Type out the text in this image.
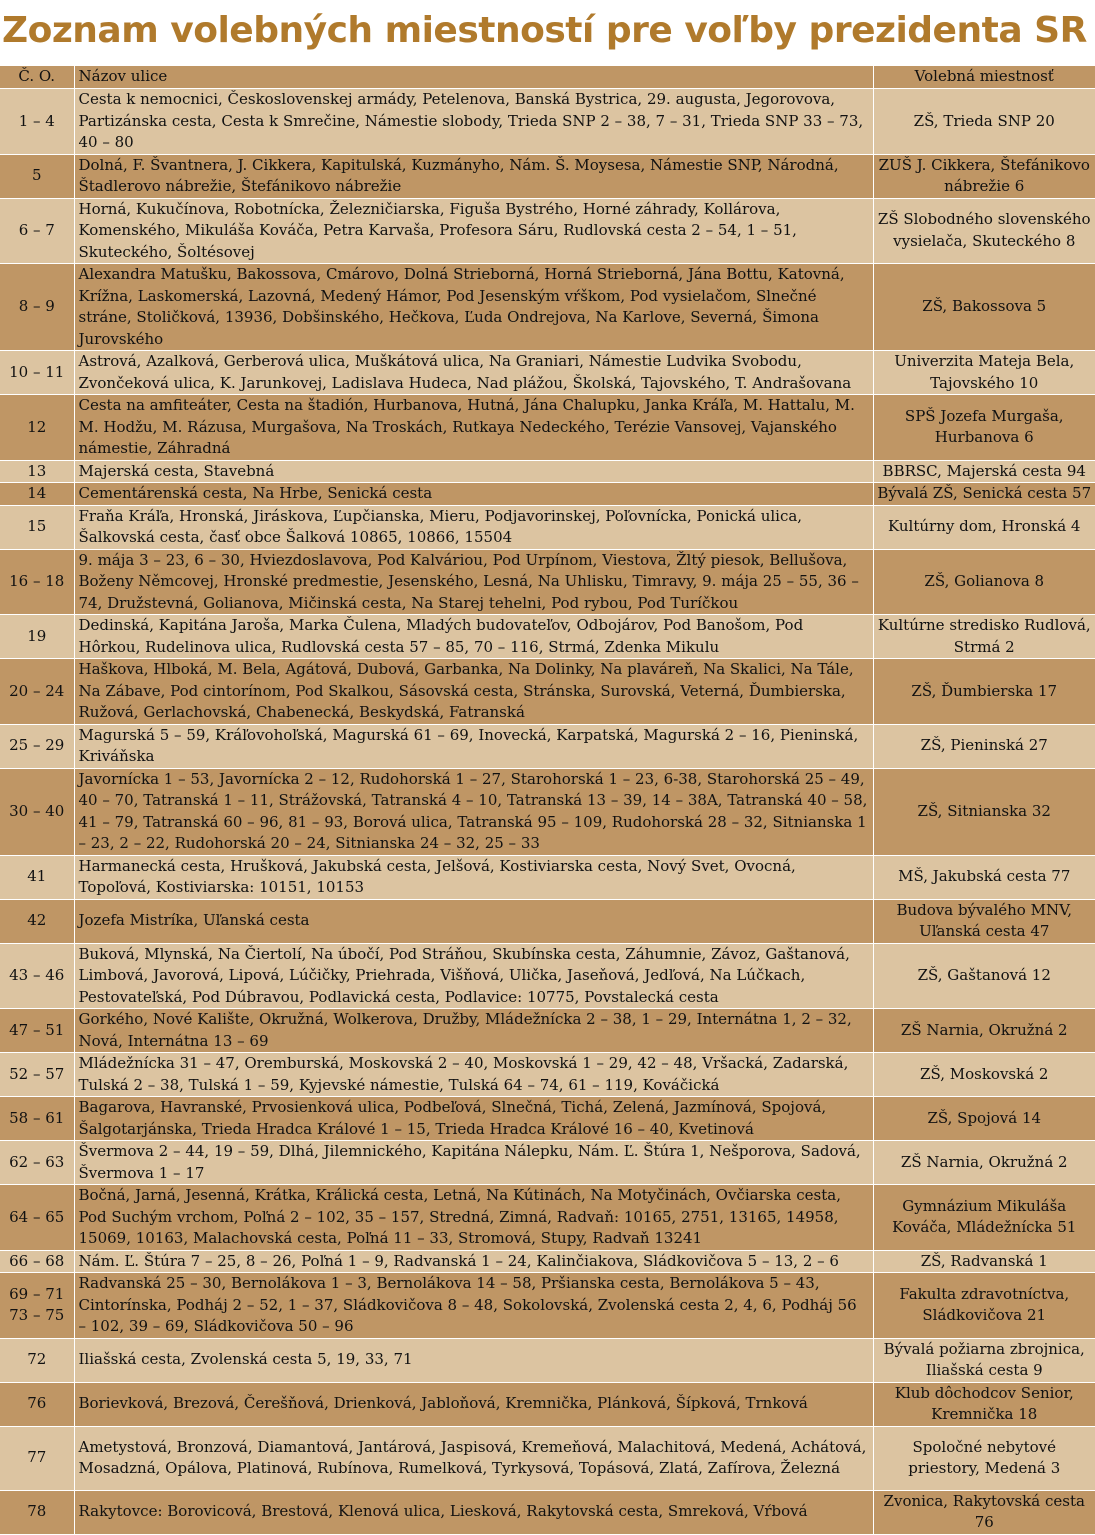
Zoznam volebných miestností pre voľby prezidenta SR
Č. O.	Názov ulice	Volebná miestnosť
1 – 4	Cesta k nemocnici, Československej armády, Petelenova, Banská Bystrica, 29. augusta, Jegorovova, Partizánska cesta, Cesta k Smrečine, Námestie slobody, Trieda SNP 2 – 38, 7 – 31, Trieda SNP 33 – 73, 40 – 80	ZŠ, Trieda SNP 20
5	Dolná, F. Švantnera, J. Cikkera, Kapitulská, Kuzmányho, Nám. Š. Moysesa, Námestie SNP, Národná, Štadlerovo nábrežie, Štefánikovo nábrežie	ZUŠ J. Cikkera, Štefánikovo nábrežie 6
6 – 7	Horná, Kukučínova, Robotnícka, Železničiarska, Figuša Bystrého, Horné záhrady, Kollárova, Komenského, Mikuláša Kováča, Petra Karvaša, Profesora Sáru, Rudlovská cesta 2 – 54, 1 – 51, Skuteckého, Šoltésovej	ZŠ Slobodného slovenského vysielača, Skuteckého 8
8 – 9	Alexandra Matušku, Bakossova, Cmárovo, Dolná Strieborná, Horná Strieborná, Jána Bottu, Katovná, Krížna, Laskomerská, Lazovná, Medený Hámor, Pod Jesenským vŕškom, Pod vysielačom, Slnečné stráne, Stoličková, 13936, Dobšinského, Hečkova, Ľuda Ondrejova, Na Karlove, Severná, Šimona Jurovského	ZŠ, Bakossova 5
10 – 11	Astrová, Azalková, Gerberová ulica, Muškátová ulica, Na Graniari, Námestie Ludvika Svobodu, Zvončeková ulica, K. Jarunkovej, Ladislava Hudeca, Nad plážou, Školská, Tajovského, T. Andrašovana	Univerzita Mateja Bela, Tajovského 10
12	Cesta na amfiteáter, Cesta na štadión, Hurbanova, Hutná, Jána Chalupku, Janka Kráľa, M. Hattalu, M. M. Hodžu, M. Rázusa, Murgašova, Na Troskách, Rutkaya Nedeckého, Terézie Vansovej, Vajanského námestie, Záhradná	SPŠ Jozefa Murgaša, Hurbanova 6
13	Majerská cesta, Stavebná	BBRSC, Majerská cesta 94
14	Cementárenská cesta, Na Hrbe, Senická cesta	Bývalá ZŠ, Senická cesta 57
15	Fraňa Kráľa, Hronská, Jiráskova, Ľupčianska, Mieru, Podjavorinskej, Poľovnícka, Ponická ulica, Šalkovská cesta, časť obce Šalková 10865, 10866, 15504	Kultúrny dom, Hronská 4
16 – 18	9. mája 3 – 23, 6 – 30, Hviezdoslavova, Pod Kalváriou, Pod Urpínom, Viestova, Žltý piesok, Bellušova, Boženy Němcovej, Hronské predmestie, Jesenského, Lesná, Na Uhlisku, Timravy, 9. mája 25 – 55, 36 – 74, Družstevná, Golianova, Mičinská cesta, Na Starej tehelni, Pod rybou, Pod Turíčkou	ZŠ, Golianova 8
19	Dedinská, Kapitána Jaroša, Marka Čulena, Mladých budovateľov, Odbojárov, Pod Banošom, Pod Hôrkou, Rudelinova ulica, Rudlovská cesta 57 – 85, 70 – 116, Strmá, Zdenka Mikulu	Kultúrne stredisko Rudlová, Strmá 2
20 – 24	Haškova, Hlboká, M. Bela, Agátová, Dubová, Garbanka, Na Dolinky, Na plaváreň, Na Skalici, Na Tále, Na Zábave, Pod cintorínom, Pod Skalkou, Sásovská cesta, Stránska, Surovská, Veterná, Ďumbierska, Ružová, Gerlachovská, Chabenecká, Beskydská, Fatranská	ZŠ, Ďumbierska 17
25 – 29	Magurská 5 – 59, Kráľovohoľská, Magurská 61 – 69, Inovecká, Karpatská, Magurská 2 – 16, Pieninská, Kriváňska	ZŠ, Pieninská 27
30 – 40	Javornícka 1 – 53, Javornícka 2 – 12, Rudohorská 1 – 27, Starohorská 1 – 23, 6-38, Starohorská 25 – 49, 40 – 70, Tatranská 1 – 11, Strážovská, Tatranská 4 – 10, Tatranská 13 – 39, 14 – 38A, Tatranská 40 – 58, 41 – 79, Tatranská 60 – 96, 81 – 93, Borová ulica, Tatranská 95 – 109, Rudohorská 28 – 32, Sitnianska 1 – 23, 2 – 22, Rudohorská 20 – 24, Sitnianska 24 – 32, 25 – 33	ZŠ, Sitnianska 32
41	Harmanecká cesta, Hrušková, Jakubská cesta, Jelšová, Kostiviarska cesta, Nový Svet, Ovocná, Topoľová, Kostiviarska: 10151, 10153	MŠ, Jakubská cesta 77
42	Jozefa Mistríka, Uľanská cesta	Budova bývalého MNV, Uľanská cesta 47
43 – 46	Buková, Mlynská, Na Čiertolí, Na úbočí, Pod Stráňou, Skubínska cesta, Záhumnie, Závoz, Gaštanová, Limbová, Javorová, Lipová, Lúčičky, Priehrada, Višňová, Ulička, Jaseňová, Jedľová, Na Lúčkach, Pestovateľská, Pod Dúbravou, Podlavická cesta, Podlavice: 10775, Povstalecká cesta	ZŠ, Gaštanová 12
47 – 51	Gorkého, Nové Kalište, Okružná, Wolkerova, Družby, Mládežnícka 2 – 38, 1 – 29, Internátna 1, 2 – 32, Nová, Internátna 13 – 69	ZŠ Narnia, Okružná 2
52 – 57	Mládežnícka 31 – 47, Oremburská, Moskovská 2 – 40, Moskovská 1 – 29, 42 – 48, Vršacká, Zadarská, Tulská 2 – 38, Tulská 1 – 59, Kyjevské námestie, Tulská 64 – 74, 61 – 119, Kováčická	ZŠ, Moskovská 2
58 – 61	Bagarova, Havranské, Prvosienková ulica, Podbeľová, Slnečná, Tichá, Zelená, Jazmínová, Spojová, Šalgotarjánska, Trieda Hradca Králové 1 – 15, Trieda Hradca Králové 16 – 40, Kvetinová	ZŠ, Spojová 14
62 – 63	Švermova 2 – 44, 19 – 59, Dlhá, Jilemnického, Kapitána Nálepku, Nám. Ľ. Štúra 1, Nešporova, Sadová, Švermova 1 – 17	ZŠ Narnia, Okružná 2
64 – 65	Bočná, Jarná, Jesenná, Krátka, Králická cesta, Letná, Na Kútinách, Na Motyčinách, Ovčiarska cesta, Pod Suchým vrchom, Poľná 2 – 102, 35 – 157, Stredná, Zimná, Radvaň: 10165, 2751, 13165, 14958, 15069, 10163, Malachovská cesta, Poľná 11 – 33, Stromová, Stupy, Radvaň 13241	Gymnázium Mikuláša Kováča, Mládežnícka 51
66 – 68	Nám. Ľ. Štúra 7 – 25, 8 – 26, Poľná 1 – 9, Radvanská 1 – 24, Kalinčiakova, Sládkovičova 5 – 13, 2 – 6	ZŠ, Radvanská 1
69 – 71 73 – 75	Radvanská 25 – 30, Bernolákova 1 – 3, Bernolákova 14 – 58, Pršianska cesta, Bernolákova 5 – 43, Cintorínska, Podháj 2 – 52, 1 – 37, Sládkovičova 8 – 48, Sokolovská, Zvolenská cesta 2, 4, 6, Podháj 56 – 102, 39 – 69, Sládkovičova 50 – 96	Fakulta zdravotníctva, Sládkovičova 21
72	Iliašská cesta, Zvolenská cesta 5, 19, 33, 71	Bývalá požiarna zbrojnica, Iliašská cesta 9
76	Borievková, Brezová, Čerešňová, Drienková, Jabloňová, Kremnička, Plánková, Šípková, Trnková	Klub dôchodcov Senior, Kremnička 18
77	Ametystová, Bronzová, Diamantová, Jantárová, Jaspisová, Kremeňová, Malachitová, Medená, Achátová, Mosadzná, Opálova, Platinová, Rubínova, Rumelková, Tyrkysová, Topásová, Zlatá, Zafírova, Železná	Spoločné nebytové priestory, Medená 3
78	Rakytovce: Borovicová, Brestová, Klenová ulica, Liesková, Rakytovská cesta, Smreková, Vŕbová	Zvonica, Rakytovská cesta 76
